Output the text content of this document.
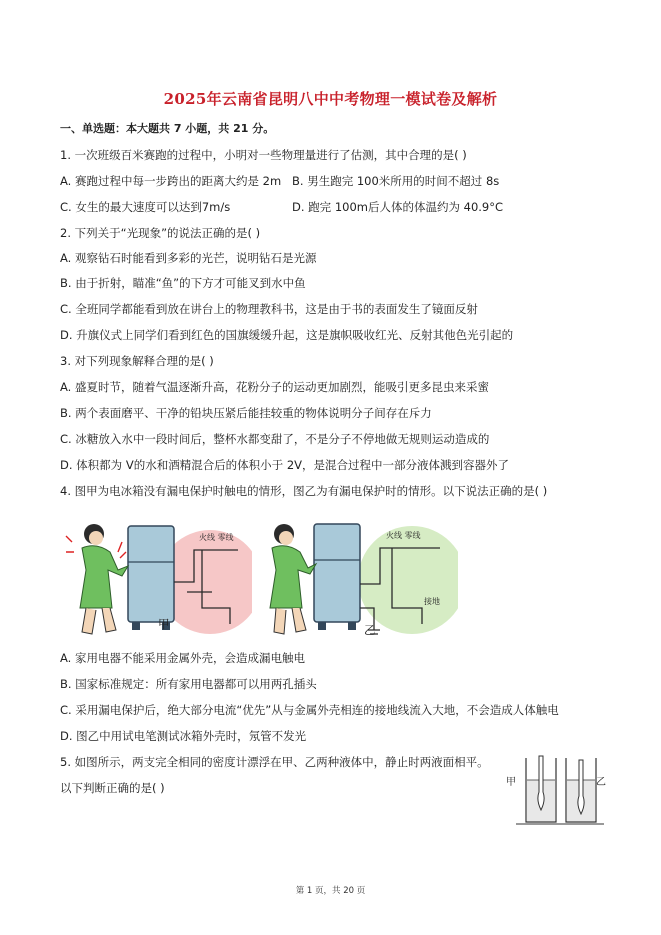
2025年云南省昆明八中中考物理一模试卷及解析
一、单选题：本大题共 7 小题，共 21 分。
1. 一次班级百米赛跑的过程中，小明对一些物理量进行了估测，其中合理的是( )
A. 赛跑过程中每一步跨出的距离大约是 2m B. 男生跑完 100米所用的时间不超过 8s
C. 女生的最大速度可以达到7m/s	D. 跑完 100m后人体的体温约为 40.9°C
2. 下列关于“光现象”的说法正确的是( )
A. 观察钻石时能看到多彩的光芒，说明钻石是光源
B. 由于折射，瞄准“鱼”的下方才可能叉到水中鱼
C. 全班同学都能看到放在讲台上的物理教科书，这是由于书的表面发生了镜面反射
D. 升旗仪式上同学们看到红色的国旗缓缓升起，这是旗帜吸收红光、反射其他色光引起的
3. 对下列现象解释合理的是( )
A. 盛夏时节，随着气温逐渐升高，花粉分子的运动更加剧烈，能吸引更多昆虫来采蜜
B. 两个表面磨平、干净的铅块压紧后能挂较重的物体说明分子间存在斥力
C. 冰糖放入水中一段时间后，整杯水都变甜了，不是分子不停地做无规则运动造成的
D. 体积都为 V的水和酒精混合后的体积小于 2V，是混合过程中一部分液体溅到容器外了
4. 图甲为电冰箱没有漏电保护时触电的情形，图乙为有漏电保护时的情形。以下说法正确的是( )
火线 零线
甲
火线 零线
接地
乙
A. 家用电器不能采用金属外壳，会造成漏电触电
B. 国家标准规定：所有家用电器都可以用两孔插头
C. 采用漏电保护后，绝大部分电流“优先”从与金属外壳相连的接地线流入大地，不会造成人体触电
D. 图乙中用试电笔测试冰箱外壳时，氖管不发光
5. 如图所示，两支完全相同的密度计漂浮在甲、乙两种液体中，静止时两液面相平。
以下判断正确的是( )	甲	乙
第 1 页，共 20 页
